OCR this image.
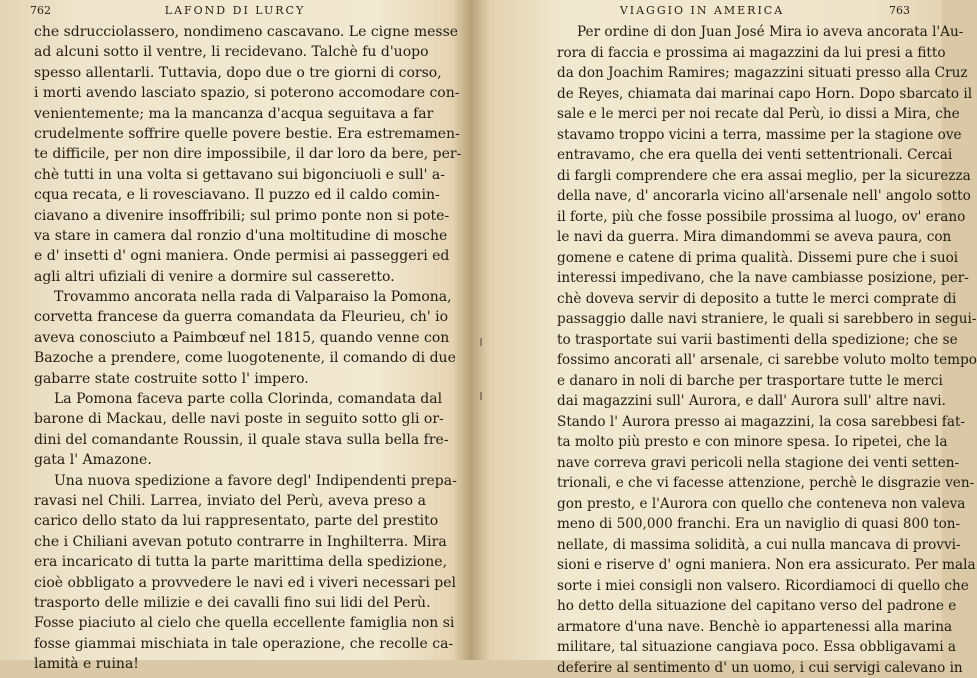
762	LAFOND DI LURCY
che sdrucciolassero, nondimeno cascavano. Le cigne messe
ad alcuni sotto il ventre, li recidevano. Talchè fu d'uopo
spesso allentarli. Tuttavia, dopo due o tre giorni di corso,
i morti avendo lasciato spazio, si poterono accomodare con-
venientemente; ma la mancanza d'acqua seguitava a far
crudelmente soffrire quelle povere bestie. Era estremamen-
te difficile, per non dire impossibile, il dar loro da bere, per-
chè tutti in una volta si gettavano sui bigonciuoli e sull' a-
cqua recata, e li rovesciavano. Il puzzo ed il caldo comin-
ciavano a divenire insoffribili; sul primo ponte non si pote-
va stare in camera dal ronzio d'una moltitudine di mosche
e d' insetti d' ogni maniera. Onde permisi ai passeggeri ed
agli altri ufiziali di venire a dormire sul casseretto.
Trovammo ancorata nella rada di Valparaiso la Pomona,
corvetta francese da guerra comandata da Fleurieu, ch' io
aveva conosciuto a Paimbœuf nel 1815, quando venne con
Bazoche a prendere, come luogotenente, il comando di due
gabarre state costruite sotto l' impero.
La Pomona faceva parte colla Clorinda, comandata dal
barone di Mackau, delle navi poste in seguito sotto gli or-
dini del comandante Roussin, il quale stava sulla bella fre-
gata l' Amazone.
Una nuova spedizione a favore degl' Indipendenti prepa-
ravasi nel Chili. Larrea, inviato del Perù, aveva preso a
carico dello stato da lui rappresentato, parte del prestito
che i Chiliani avevan potuto contrarre in Inghilterra. Mira
era incaricato di tutta la parte marittima della spedizione,
cioè obbligato a provvedere le navi ed i viveri necessari pel
trasporto delle milizie e dei cavalli fino sui lidi del Perù.
Fosse piaciuto al cielo che quella eccellente famiglia non si
fosse giammai mischiata in tale operazione, che recolle ca-
lamità e ruina!
VIAGGIO IN AMERICA	763
Per ordine di don Juan José Mira io aveva ancorata l'Au-
rora di faccia e prossima ai magazzini da lui presi a fitto
da don Joachim Ramires; magazzini situati presso alla Cruz
de Reyes, chiamata dai marinai capo Horn. Dopo sbarcato il
sale e le merci per noi recate dal Perù, io dissi a Mira, che
stavamo troppo vicini a terra, massime per la stagione ove
entravamo, che era quella dei venti settentrionali. Cercai
di fargli comprendere che era assai meglio, per la sicurezza
della nave, d' ancorarla vicino all'arsenale nell' angolo sotto
il forte, più che fosse possibile prossima al luogo, ov' erano
le navi da guerra. Mira dimandommi se aveva paura, con
gomene e catene di prima qualità. Dissemi pure che i suoi
interessi impedivano, che la nave cambiasse posizione, per-
chè doveva servir di deposito a tutte le merci comprate di
passaggio dalle navi straniere, le quali si sarebbero in segui-
to trasportate sui varii bastimenti della spedizione; che se
fossimo ancorati all' arsenale, ci sarebbe voluto molto tempo
e danaro in noli di barche per trasportare tutte le merci
dai magazzini sull' Aurora, e dall' Aurora sull' altre navi.
Stando l' Aurora presso ai magazzini, la cosa sarebbesi fat-
ta molto più presto e con minore spesa. Io ripetei, che la
nave correva gravi pericoli nella stagione dei venti setten-
trionali, e che vi facesse attenzione, perchè le disgrazie ven-
gon presto, e l'Aurora con quello che conteneva non valeva
meno di 500,000 franchi. Era un naviglio di quasi 800 ton-
nellate, di massima solidità, a cui nulla mancava di provvi-
sioni e riserve d' ogni maniera. Non era assicurato. Per mala
sorte i miei consigli non valsero. Ricordiamoci di quello che
ho detto della situazione del capitano verso del padrone e
armatore d'una nave. Benchè io appartenessi alla marina
militare, tal situazione cangiava poco. Essa obbligavami a
deferire al sentimento d' un uomo, i cui servigi calevano in
